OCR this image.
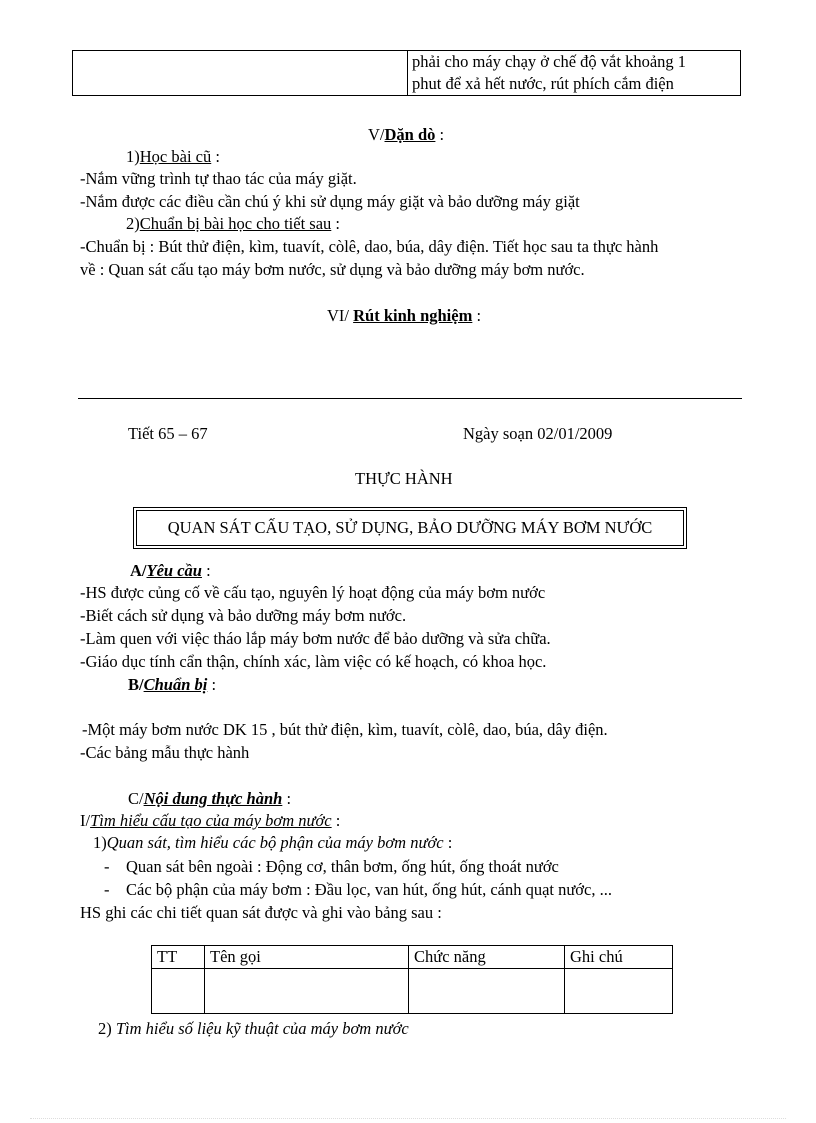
phải cho máy chạy ở chế độ vắt khoảng 1
phut để xả hết nước, rút phích cắm điện
V/Dặn dò :
1)Học bài cũ :
-Nắm vững trình tự thao tác của máy giặt.
-Nắm được các điều cần chú ý khi sử dụng máy giặt và bảo dưỡng máy giặt
2)Chuẩn bị bài học cho tiết sau :
-Chuẩn bị : Bút thử điện, kìm, tuavít, còlê, dao, búa, dây điện. Tiết học sau ta thực hành
về : Quan sát cấu tạo máy bơm nước, sử dụng và bảo dưỡng máy bơm nước.
VI/ Rút kinh nghiệm :
Tiết 65 – 67	Ngày soạn 02/01/2009
THỰC HÀNH
QUAN SÁT CẤU TẠO, SỬ DỤNG, BẢO DƯỠNG MÁY BƠM NƯỚC
A/Yêu cầu :
-HS được củng cố về cấu tạo, nguyên lý hoạt động của máy bơm nước
-Biết cách sử dụng và bảo dưỡng máy bơm nước.
-Làm quen với việc tháo lắp máy bơm nước để bảo dưỡng và sửa chữa.
-Giáo dục tính cẩn thận, chính xác, làm việc có kế hoạch, có khoa học.
B/Chuẩn bị :
-Một máy bơm nước DK 15 , bút thử điện, kìm, tuavít, còlê, dao, búa, dây điện.
-Các bảng mẫu thực hành
C/Nội dung thực hành :
I/Tìm hiểu cấu tạo của máy bơm nước :
1)Quan sát, tìm hiểu các bộ phận của máy bơm nước :
- Quan sát bên ngoài : Động cơ, thân bơm, ống hút, ống thoát nước
- Các bộ phận của máy bơm : Đầu lọc, van hút, ống hút, cánh quạt nước, ...
HS ghi các chi tiết quan sát được và ghi vào bảng sau :
TT	Tên gọi	Chức năng	Ghi chú

2) Tìm hiểu số liệu kỹ thuật của máy bơm nước
